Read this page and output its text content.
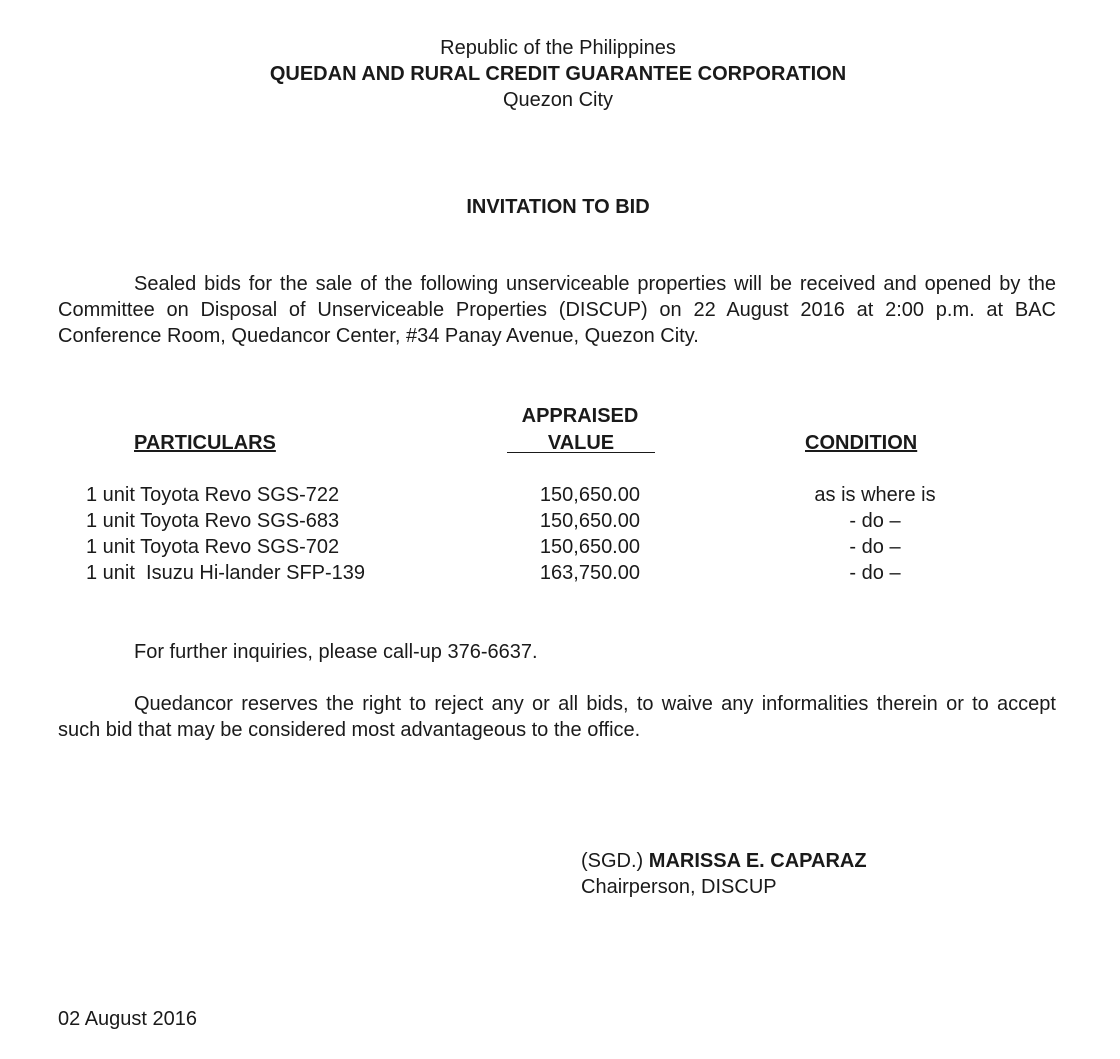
Republic of the Philippines
QUEDAN AND RURAL CREDIT GUARANTEE CORPORATION
Quezon City
INVITATION TO BID
Sealed bids for the sale of the following unserviceable properties will be received and opened by the Committee on Disposal of Unserviceable Properties (DISCUP) on 22 August 2016 at 2:00 p.m. at BAC Conference Room, Quedancor Center, #34 Panay Avenue, Quezon City.
PARTICULARS
APPRAISED
VALUE	CONDITION
1 unit Toyota Revo SGS-722
1 unit Toyota Revo SGS-683
1 unit Toyota Revo SGS-702
1 unit  Isuzu Hi-lander SFP-139
150,650.00
150,650.00
150,650.00
163,750.00
as is where is
- do –
- do –
- do –
For further inquiries, please call-up 376-6637.
Quedancor reserves the right to reject any or all bids, to waive any informalities therein or to accept such bid that may be considered most advantageous to the office.
(SGD.) MARISSA E. CAPARAZ
Chairperson, DISCUP
02 August 2016
